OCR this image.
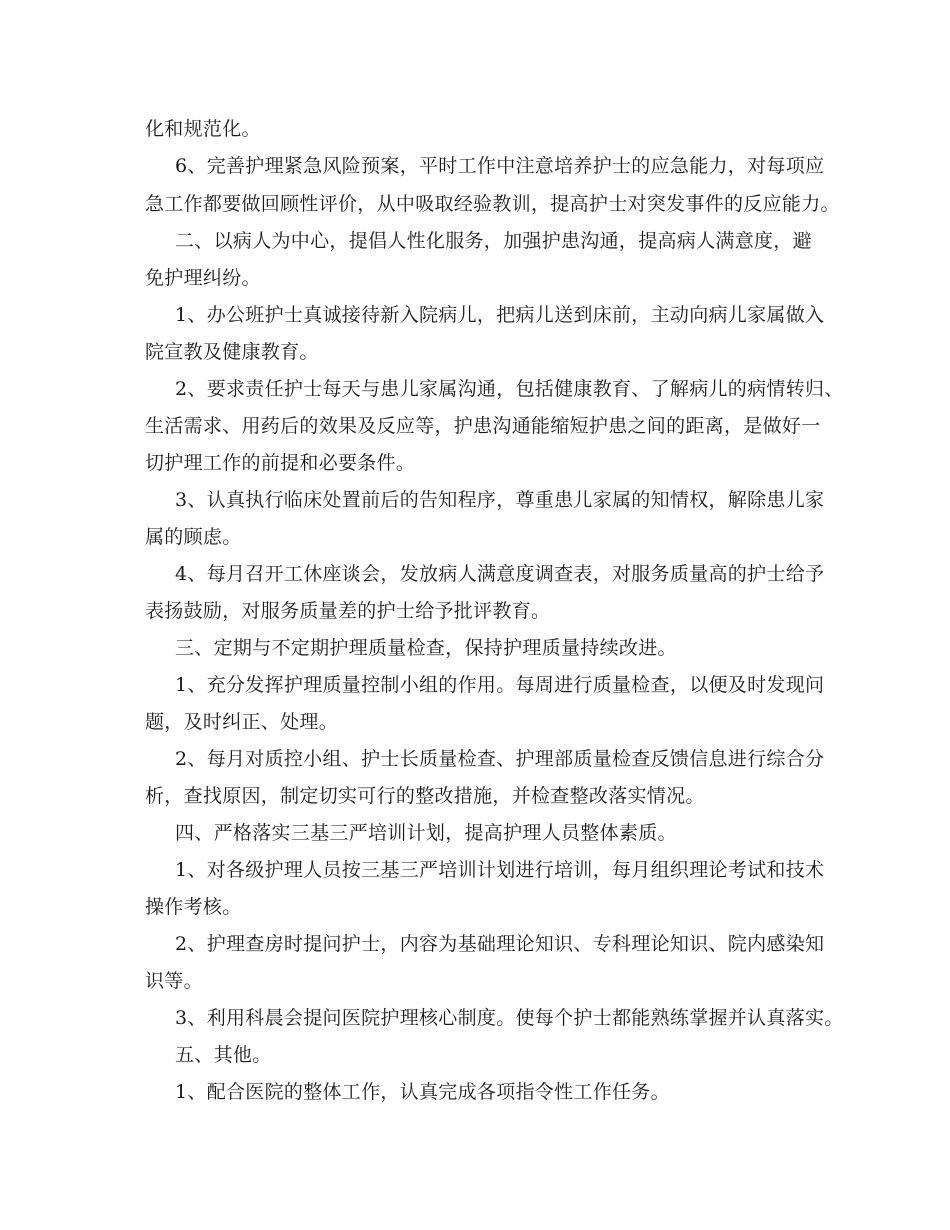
化和规范化。
6、完善护理紧急风险预案，平时工作中注意培养护士的应急能力，对每项应
急工作都要做回顾性评价，从中吸取经验教训，提高护士对突发事件的反应能力。
二、以病人为中心，提倡人性化服务，加强护患沟通，提高病人满意度，避
免护理纠纷。
1、办公班护士真诚接待新入院病儿，把病儿送到床前，主动向病儿家属做入
院宣教及健康教育。
2、要求责任护士每天与患儿家属沟通，包括健康教育、了解病儿的病情转归、
生活需求、用药后的效果及反应等，护患沟通能缩短护患之间的距离，是做好一
切护理工作的前提和必要条件。
3、认真执行临床处置前后的告知程序，尊重患儿家属的知情权，解除患儿家
属的顾虑。
4、每月召开工休座谈会，发放病人满意度调查表，对服务质量高的护士给予
表扬鼓励，对服务质量差的护士给予批评教育。
三、定期与不定期护理质量检查，保持护理质量持续改进。
1、充分发挥护理质量控制小组的作用。每周进行质量检查，以便及时发现问
题，及时纠正、处理。
2、每月对质控小组、护士长质量检查、护理部质量检查反馈信息进行综合分
析，查找原因，制定切实可行的整改措施，并检查整改落实情况。
四、严格落实三基三严培训计划，提高护理人员整体素质。
1、对各级护理人员按三基三严培训计划进行培训，每月组织理论考试和技术
操作考核。
2、护理查房时提问护士，内容为基础理论知识、专科理论知识、院内感染知
识等。
3、利用科晨会提问医院护理核心制度。使每个护士都能熟练掌握并认真落实。
五、其他。
1、配合医院的整体工作，认真完成各项指令性工作任务。
